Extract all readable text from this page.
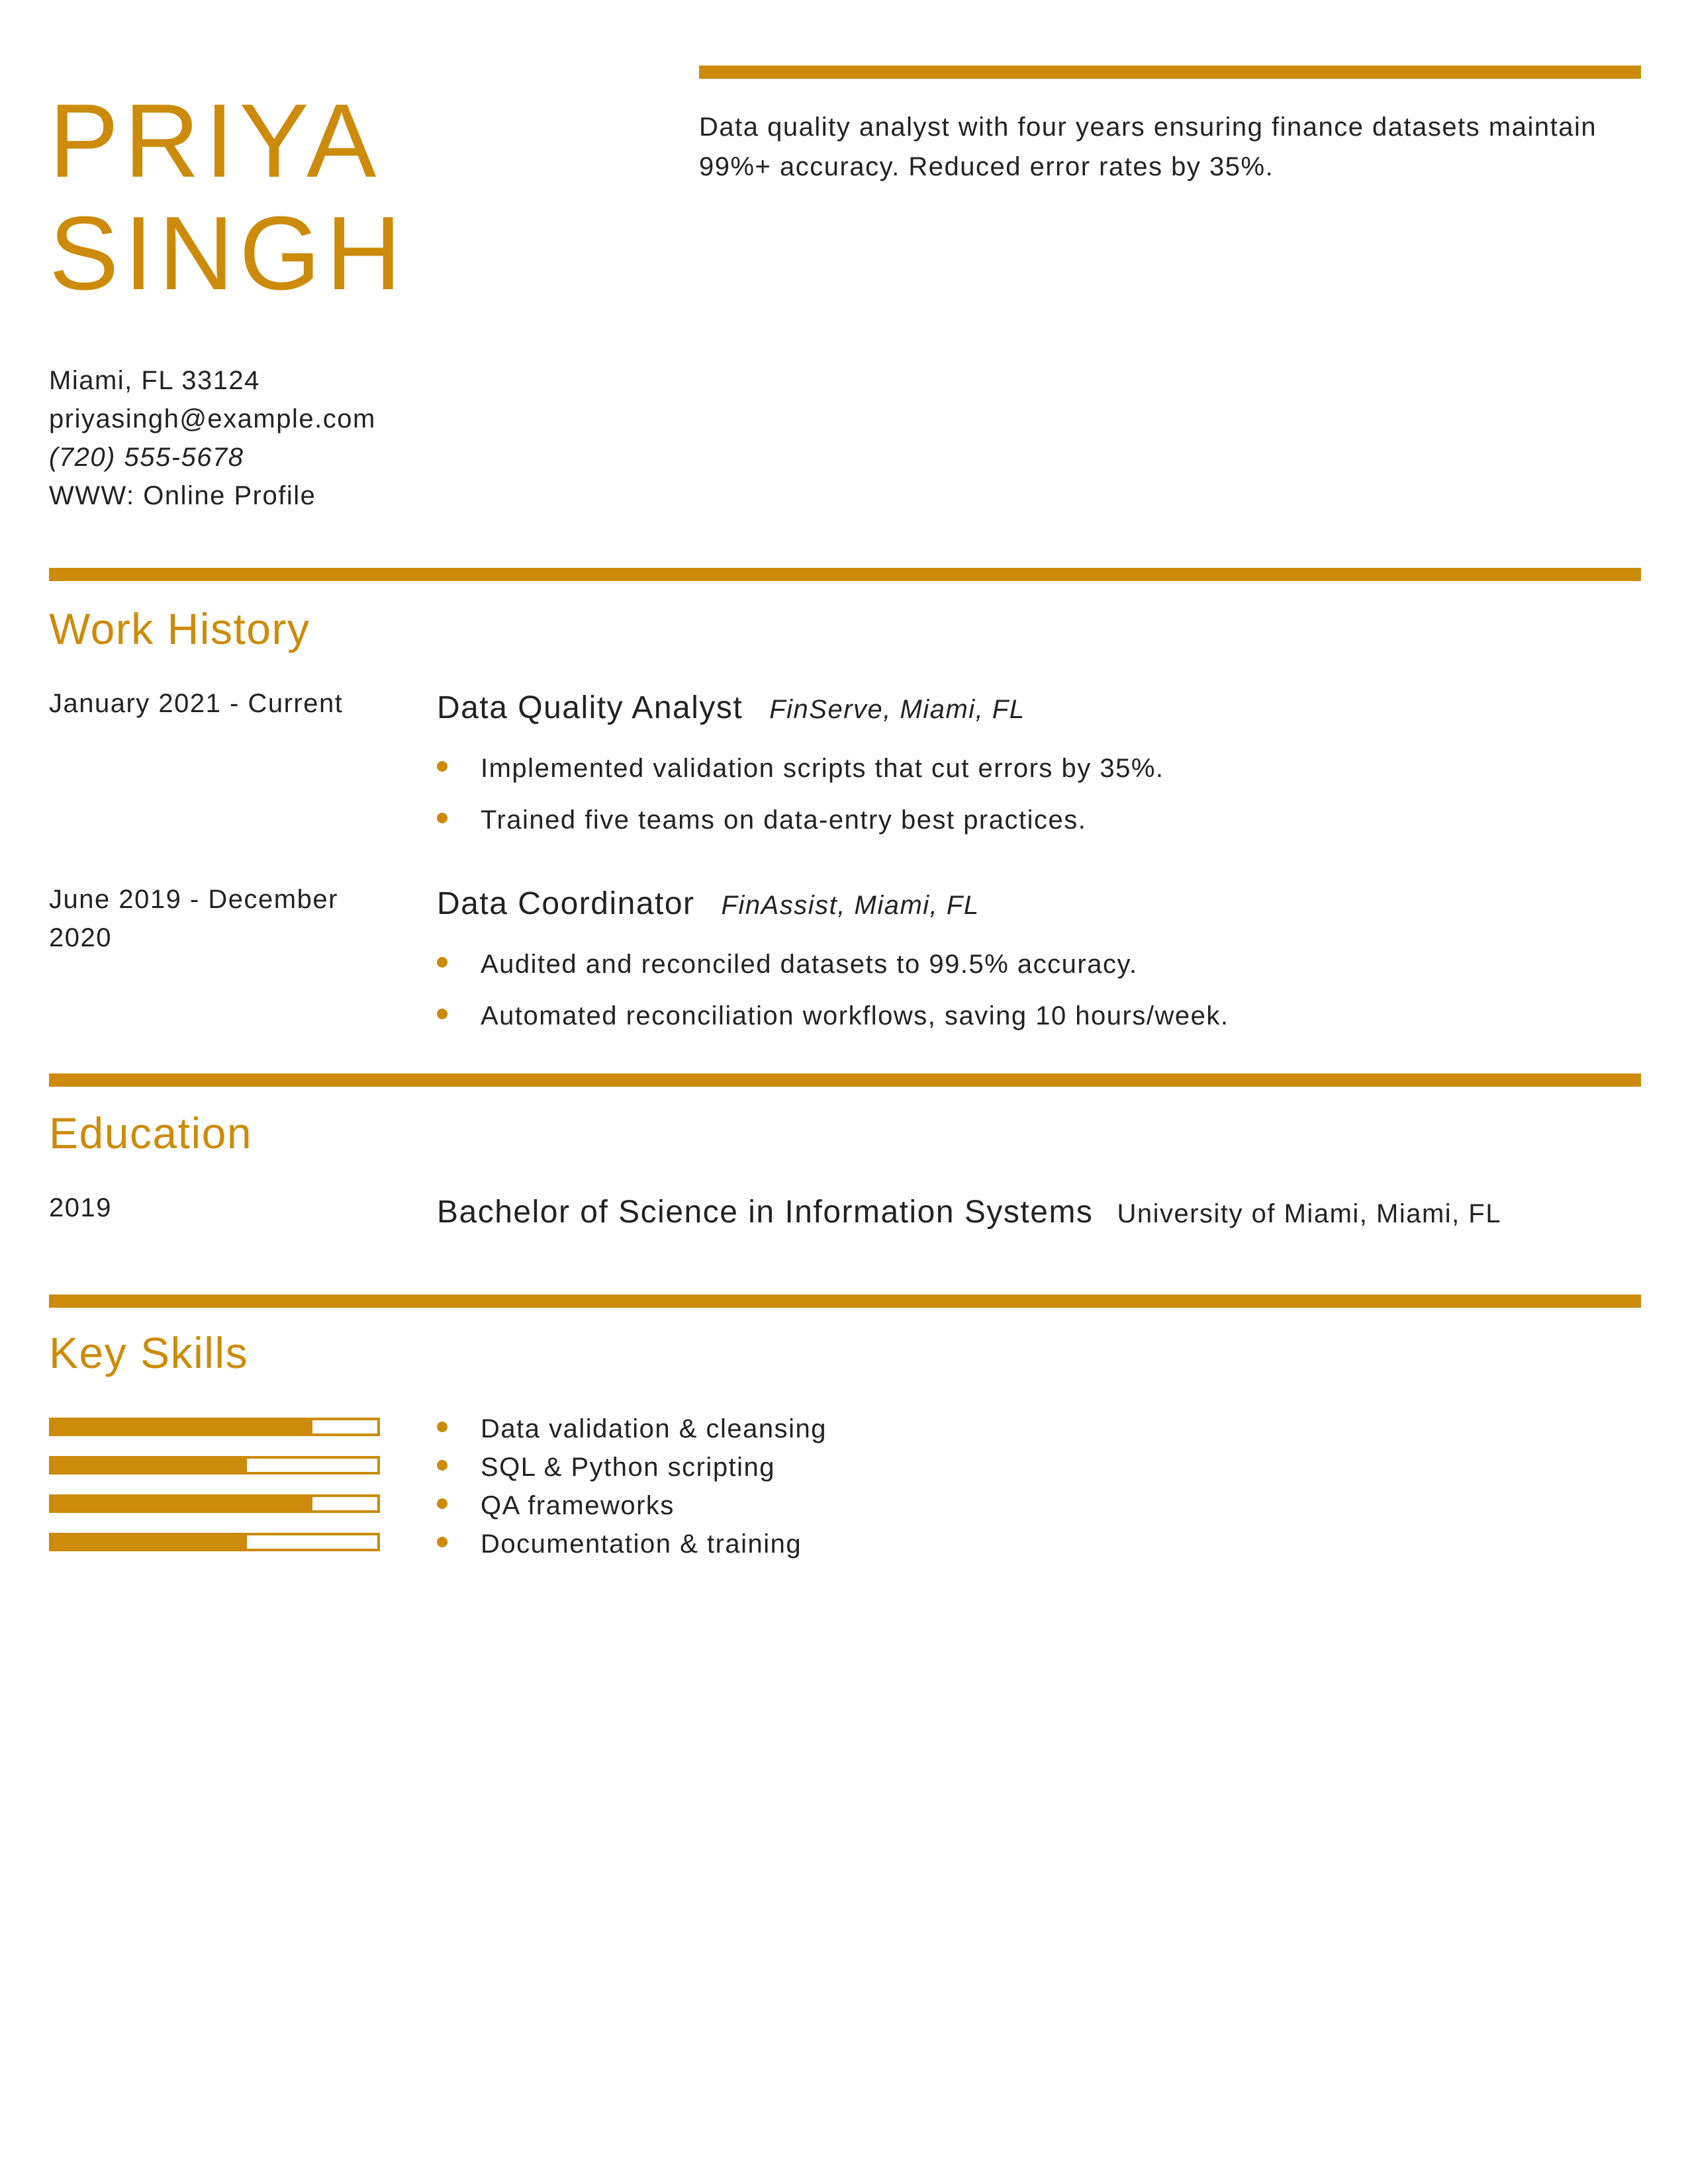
PRIYA
SINGH
Data quality analyst with four years ensuring finance datasets maintain 99%+ accuracy. Reduced error rates by 35%.
Miami, FL 33124
priyasingh@example.com
(720) 555-5678
WWW: Online Profile
Work History
January 2021 - Current	Data Quality Analyst FinServe, Miami, FL
Implemented validation scripts that cut errors by 35%.
Trained five teams on data-entry best practices.
June 2019 - December 2020
Data Coordinator FinAssist, Miami, FL
Audited and reconciled datasets to 99.5% accuracy.
Automated reconciliation workflows, saving 10 hours/week.
Education
2019	Bachelor of Science in Information Systems University of Miami, Miami, FL
Key Skills
Data validation & cleansing
SQL & Python scripting
QA frameworks
Documentation & training
